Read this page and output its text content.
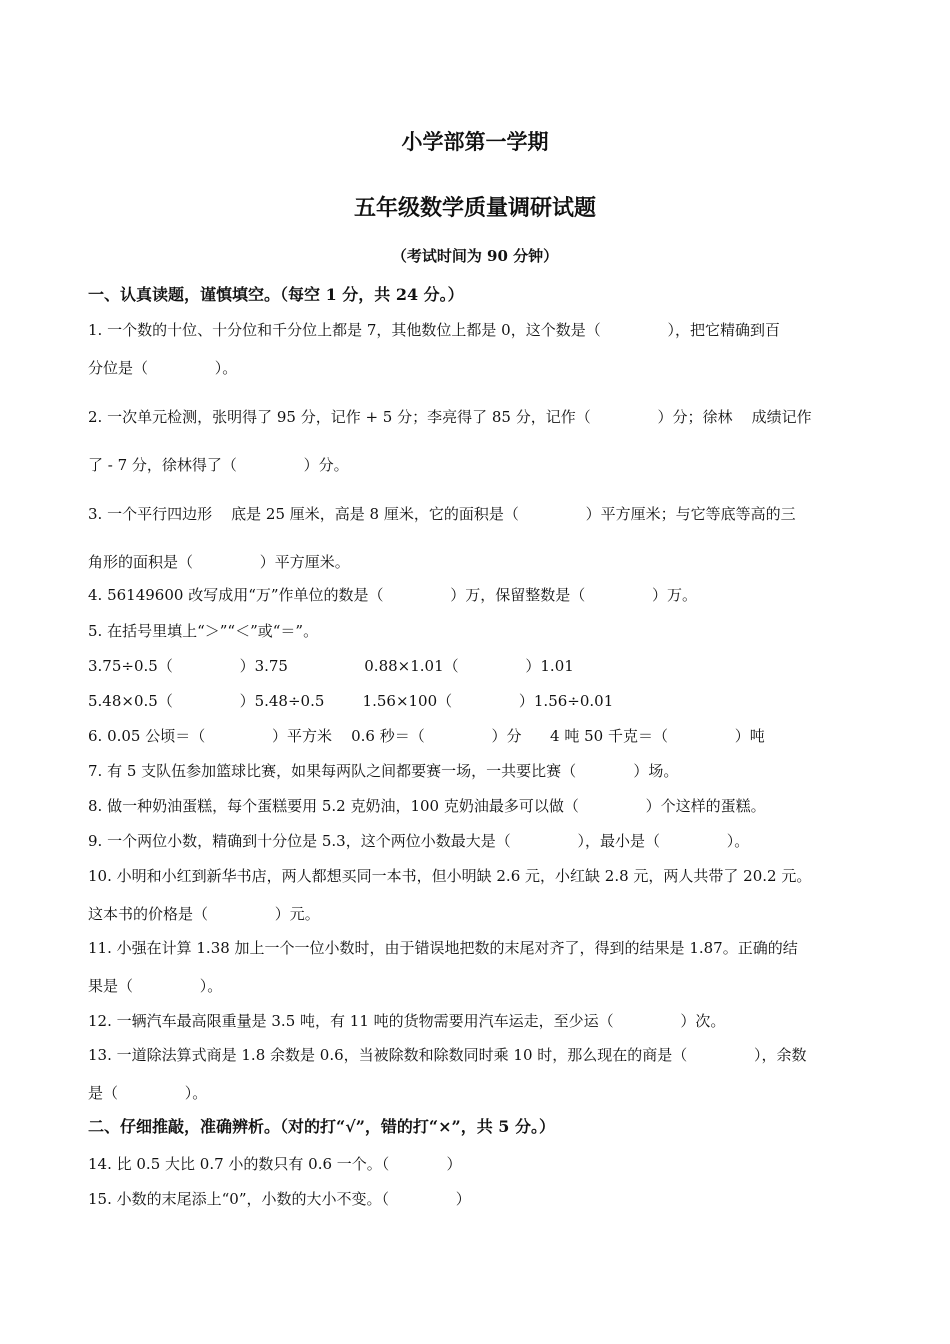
小学部第一学期
五年级数学质量调研试题
（考试时间为 90 分钟）
一、认真读题，谨慎填空。（每空 1 分，共 24 分。）
1. 一个数的十位、十分位和千分位上都是 7，其他数位上都是 0，这个数是（              ），把它精确到百
分位是（              ）。
2. 一次单元检测，张明得了 95 分，记作 + 5 分；李亮得了 85 分，记作（              ）分；徐林    成绩记作
了 - 7 分，徐林得了（              ）分。
3. 一个平行四边形    底是 25 厘米，高是 8 厘米，它的面积是（              ）平方厘米；与它等底等高的三
角形的面积是（              ）平方厘米。
4. 56149600 改写成用“万”作单位的数是（              ）万，保留整数是（              ）万。
5. 在括号里填上“＞”“＜”或“＝”。
3.75÷0.5（              ）3.75                0.88×1.01（              ）1.01
5.48×0.5（              ）5.48÷0.5        1.56×100（              ）1.56÷0.01
6. 0.05 公顷＝（              ）平方米    0.6 秒＝（              ）分      4 吨 50 千克＝（              ）吨
7. 有 5 支队伍参加篮球比赛，如果每两队之间都要赛一场，一共要比赛（            ）场。
8. 做一种奶油蛋糕，每个蛋糕要用 5.2 克奶油，100 克奶油最多可以做（              ）个这样的蛋糕。
9. 一个两位小数，精确到十分位是 5.3，这个两位小数最大是（              ），最小是（              ）。
10. 小明和小红到新华书店，两人都想买同一本书，但小明缺 2.6 元，小红缺 2.8 元，两人共带了 20.2 元。
这本书的价格是（              ）元。
11. 小强在计算 1.38 加上一个一位小数时，由于错误地把数的末尾对齐了，得到的结果是 1.87。正确的结
果是（              ）。
12. 一辆汽车最高限重量是 3.5 吨，有 11 吨的货物需要用汽车运走，至少运（              ）次。
13. 一道除法算式商是 1.8 余数是 0.6，当被除数和除数同时乘 10 时，那么现在的商是（              ），余数
是（              ）。
二、仔细推敲，准确辨析。（对的打“√”，错的打“×”，共 5 分。）
14. 比 0.5 大比 0.7 小的数只有 0.6 一个。（            ）
15. 小数的末尾添上“0”，小数的大小不变。（              ）
